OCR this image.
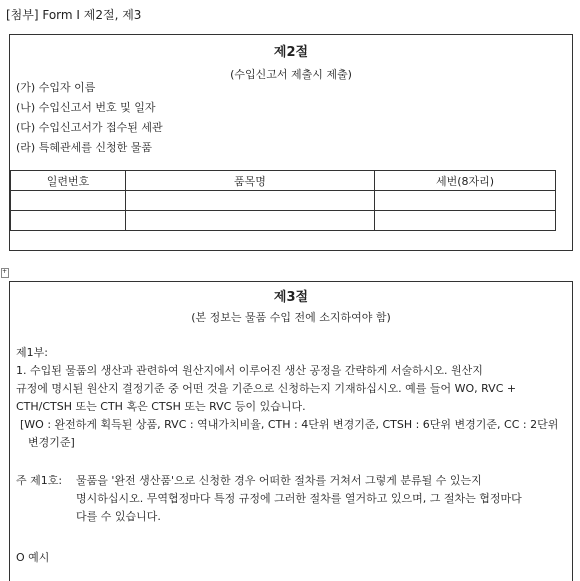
[첨부] Form I 제2절, 제3
제2절
(수입신고서 제출시 제출)
(가) 수입자 이름
(나) 수입신고서 번호 및 일자
(다) 수입신고서가 접수된 세관
(라) 특혜관세를 신청한 물품
일련번호	품목명	세번(8자리)

+
제3절
(본 정보는 물품 수입 전에 소지하여야 함)
제1부:
1. 수입된 물품의 생산과 관련하여 원산지에서 이루어진 생산 공정을 간략하게 서술하시오. 원산지
규정에 명시된 원산지 결정기준 중 어떤 것을 기준으로 신청하는지 기재하십시오. 예를 들어 WO, RVC +
CTH/CTSH 또는 CTH 혹은 CTSH 또는 RVC 등이 있습니다.
[WO : 완전하게 획득된 상품, RVC : 역내가치비율, CTH : 4단위 변경기준, CTSH : 6단위 변경기준, CC : 2단위
변경기준]
주 제1호: 물품을 '완전 생산품'으로 신청한 경우 어떠한 절차를 거쳐서 그렇게 분류될 수 있는지
명시하십시오. 무역협정마다 특정 규정에 그러한 절차를 열거하고 있으며, 그 절차는 협정마다
다를 수 있습니다.
O 예시
